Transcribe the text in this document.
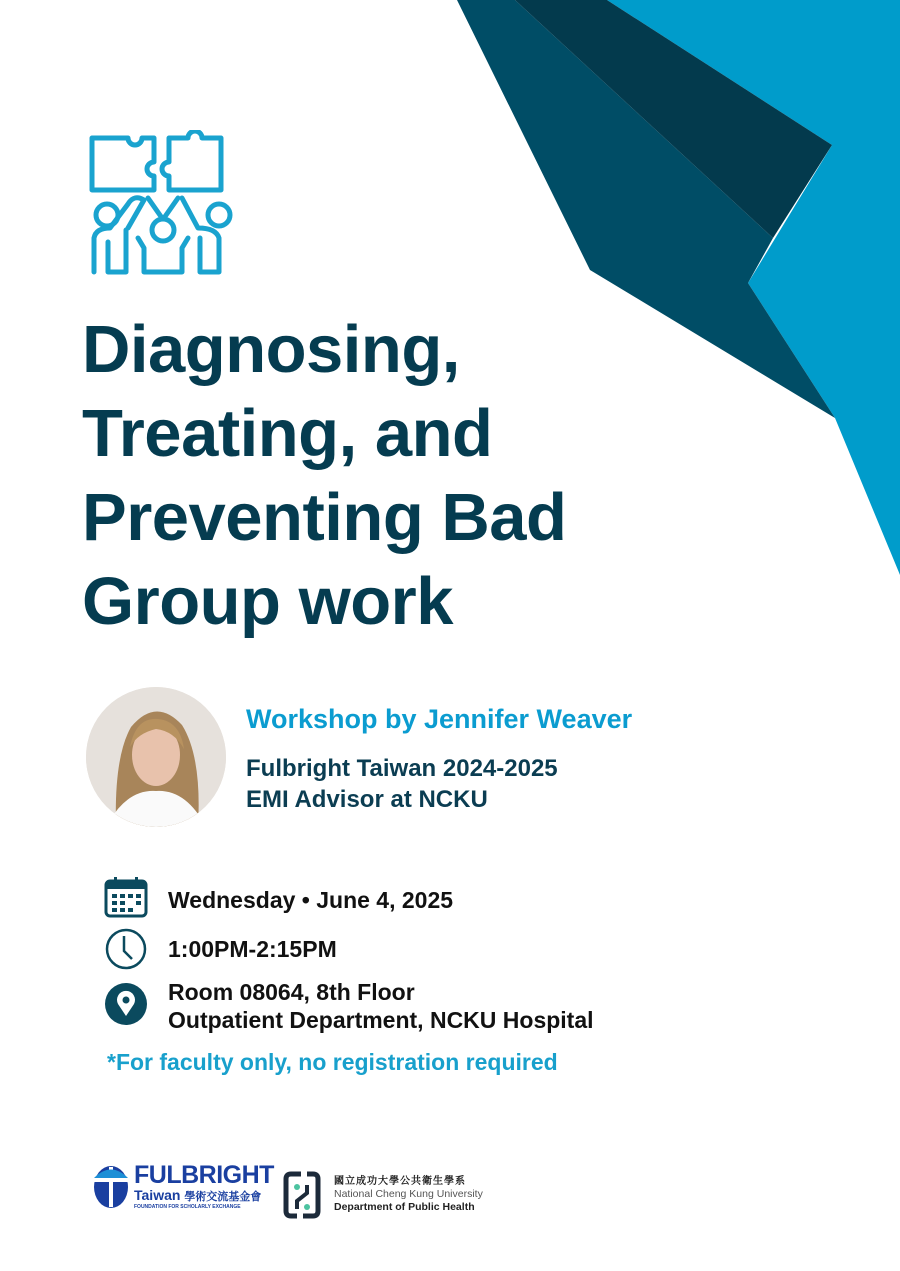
Diagnosing,
Treating, and
Preventing Bad
Group work
Workshop by Jennifer Weaver
Fulbright Taiwan 2024-2025
EMI Advisor at NCKU
Wednesday • June 4, 2025
1:00PM-2:15PM
Room 08064, 8th Floor
Outpatient Department, NCKU Hospital
*For faculty only, no registration required
FULBRIGHT
Taiwan 學術交流基金會
FOUNDATION FOR SCHOLARLY EXCHANGE
國立成功大學公共衛生學系
National Cheng Kung University
Department of Public Health
